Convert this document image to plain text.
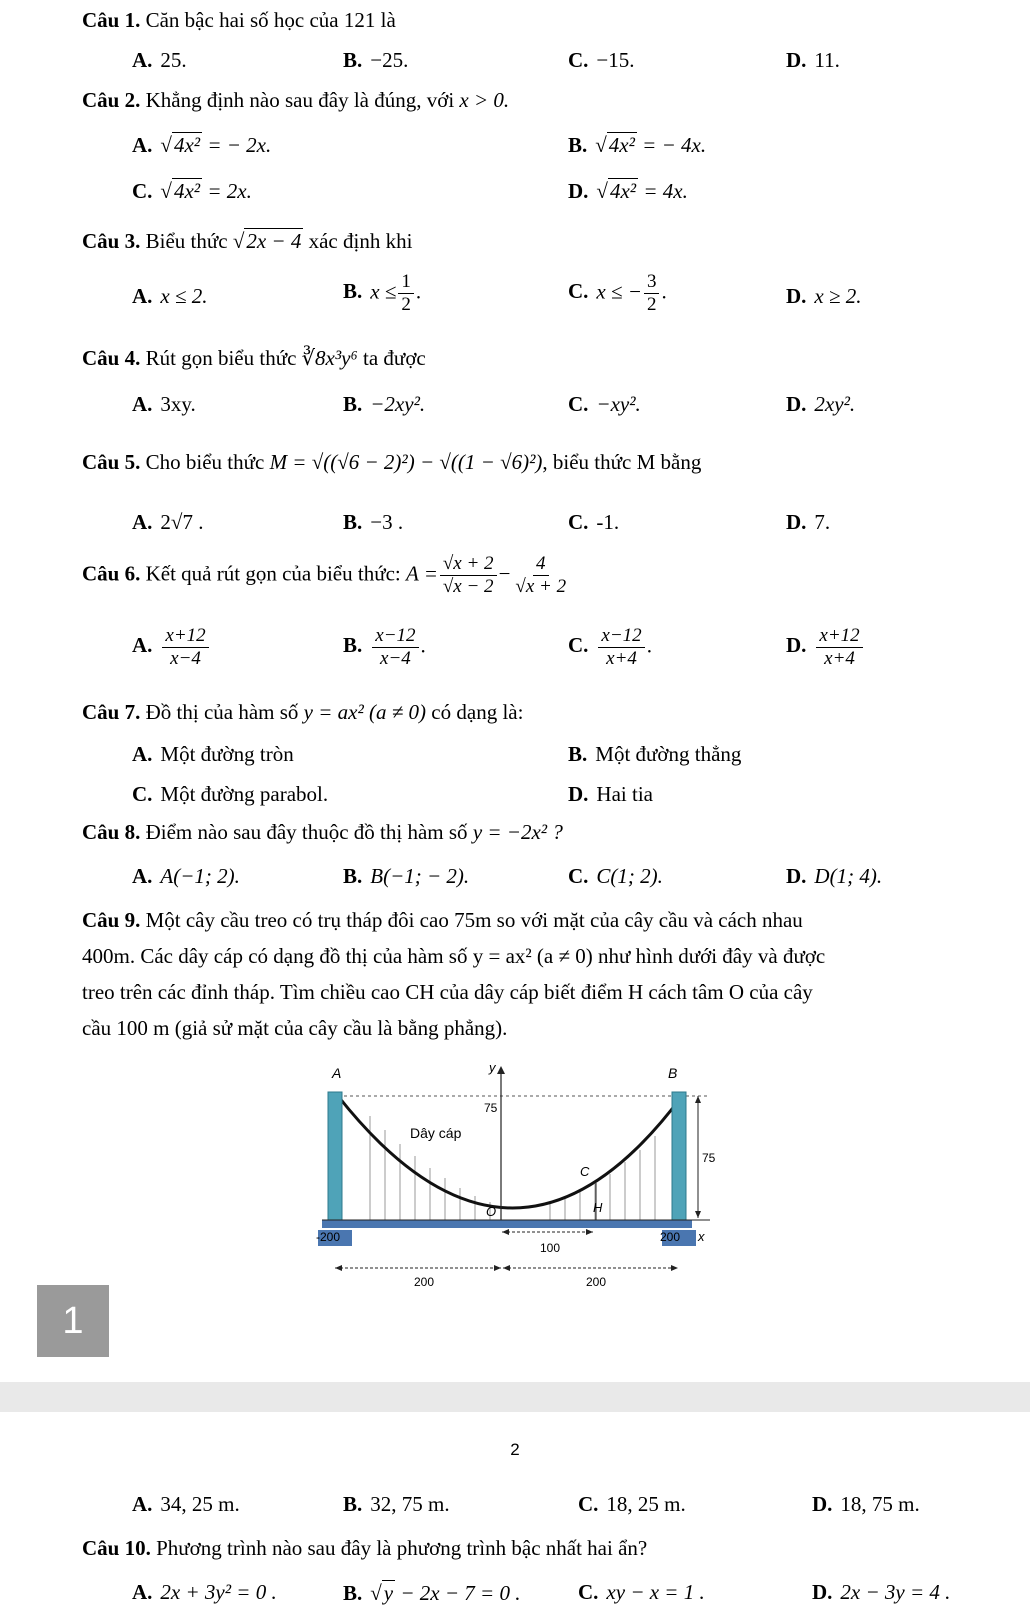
Câu 1. Căn bậc hai số học của 121 là
A. 25.	B. −25.	C. −15.	D. 11.
Câu 2. Khẳng định nào sau đây là đúng, với x > 0.
A. √4x² = − 2x.	B. √4x² = − 4x.
C. √4x² = 2x.	D. √4x² = 4x.
Câu 3. Biểu thức √2x − 4 xác định khi
A. x ≤ 2.	B. $x \le \frac{1}{2}$ .	C. x ≤ − $\frac{3}{2}$ .	D. x ≥ 2.
Câu 4. Rút gọn biểu thức ∛8x³y⁶ ta được
A. 3xy.	B. −2xy².	C. −xy².	D. 2xy².
Câu 5. Cho biểu thức M = √((√6 − 2)²) − √((1 − √6)²), biểu thức M bằng
A. 2√7 .	B. −3 .	C. -1.	D. 7.
Câu 6. Kết quả rút gọn của biểu thức: $A = \frac{√x + 2}{√x - 2} - \frac{4}{√x + 2}$
A. $\frac{x+12}{x-4}$	B. $\frac{x-12}{x-4}$ .	C. $\frac{x-12}{x+4}$ .	D. $\frac{x+12}{x+4}$
Câu 7. Đồ thị của hàm số y = ax² (a ≠ 0) có dạng là:
A. Một đường tròn	B. Một đường thẳng
C. Một đường parabol.	D. Hai tia
Câu 8. Điểm nào sau đây thuộc đồ thị hàm số y = −2x² ?
A. A(−1; 2).	B. B(−1; − 2).	C. C(1; 2).	D. D(1; 4).
Câu 9. Một cây cầu treo có trụ tháp đôi cao 75m so với mặt của cây cầu và cách nhau
400m. Các dây cáp có dạng đồ thị của hàm số y = ax² (a ≠ 0) như hình dưới đây và được
treo trên các đỉnh tháp. Tìm chiều cao CH của dây cáp biết điểm H cách tâm O của cây
cầu 100 m (giả sử mặt của cây cầu là bằng phẳng).
A	B
y
x
O
C
H
Dây cáp
75
75
-200	200
100
200	200
1
2
A. 34, 25 m.	B. 32, 75 m.	C. 18, 25 m.	D. 18, 75 m.
Câu 10. Phương trình nào sau đây là phương trình bậc nhất hai ẩn?
A. 2x + 3y² = 0 .	B. √y − 2x − 7 = 0 .	C. xy − x = 1 .	D. 2x − 3y = 4 .
